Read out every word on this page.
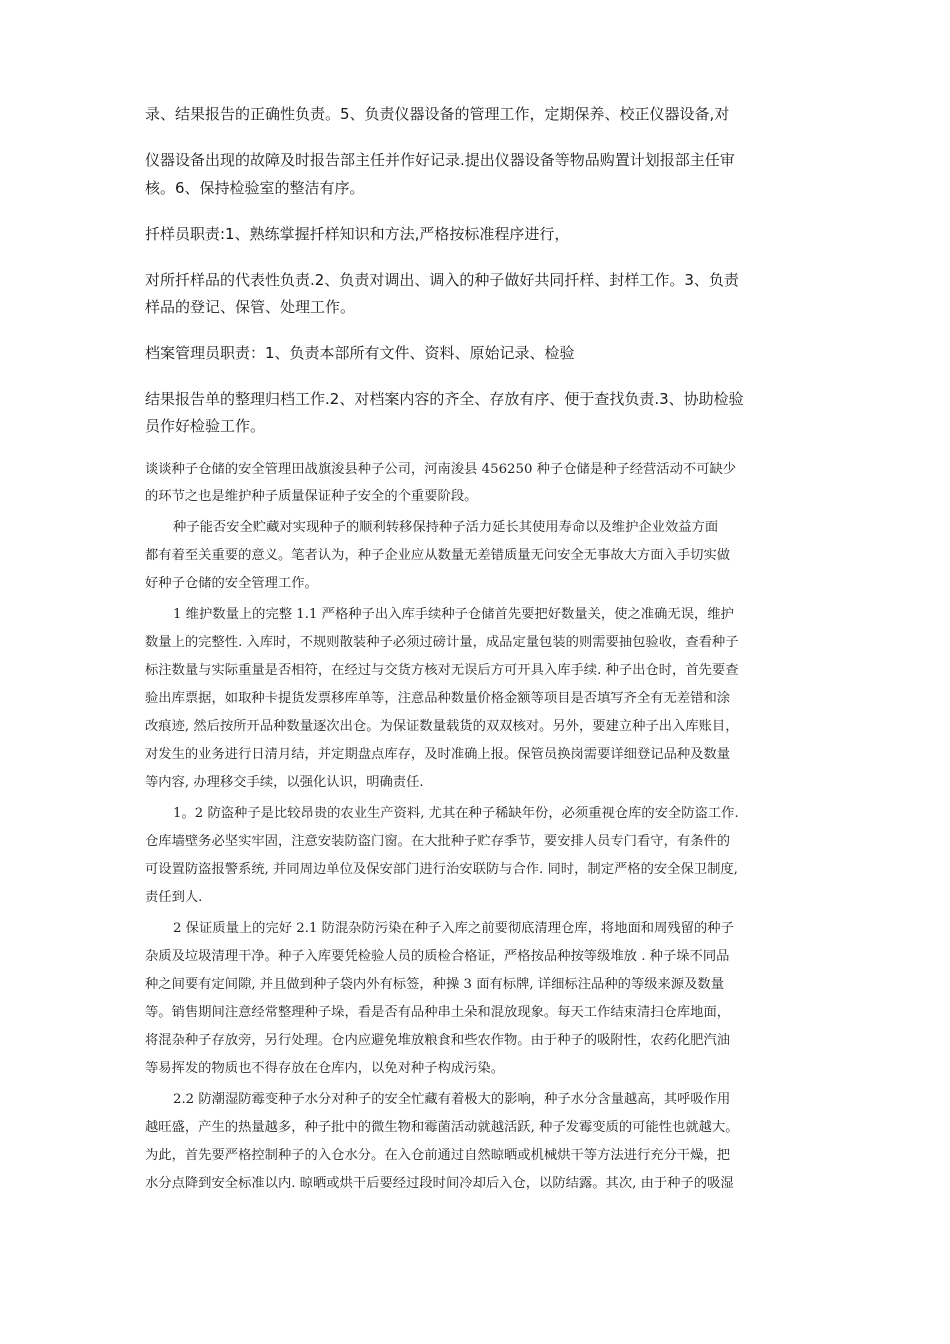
录、结果报告的正确性负责。5、负责仪器设备的管理工作，定期保养、校正仪器设备,对
仪器设备出现的故障及时报告部主任并作好记录.提出仪器设备等物品购置计划报部主任审
核。6、保持检验室的整洁有序。
扦样员职责:1、熟练掌握扦样知识和方法,严格按标准程序进行，
对所扦样品的代表性负责.2、负责对调出、调入的种子做好共同扦样、封样工作。3、负责
样品的登记、保管、处理工作。
档案管理员职责：1、负责本部所有文件、资料、原始记录、检验
结果报告单的整理归档工作.2、对档案内容的齐全、存放有序、便于查找负责.3、协助检验
员作好检验工作。
谈谈种子仓储的安全管理田战旗浚县种子公司，河南浚县 456250 种子仓储是种子经营活动不可缺少
的环节之也是维护种子质量保证种子安全的个重要阶段。
种子能否安全贮藏对实现种子的顺利转移保持种子活力延长其使用寿命以及维护企业效益方面
都有着至关重要的意义。笔者认为，种子企业应从数量无差错质量无问安全无事故大方面入手切实做
好种子仓储的安全管理工作。
1 维护数量上的完整 1.1 严格种子出入库手续种子仓储首先要把好数量关，使之准确无误，维护
数量上的完整性. 入库时，不规则散装种子必须过磅计量，成品定量包装的则需要抽包验收，查看种子
标注数量与实际重量是否相符，在经过与交货方核对无误后方可开具入库手续. 种子出仓时，首先要查
验出库票据，如取种卡提货发票移库单等，注意品种数量价格金额等项目是否填写齐全有无差错和涂
改痕迹, 然后按所开品种数量逐次出仓。为保证数量载货的双双核对。另外，要建立种子出入库账目，
对发生的业务进行日清月结，并定期盘点库存，及时准确上报。保管员换岗需要详细登记品种及数量
等内容, 办理移交手续，以强化认识，明确责任.
1。2 防盗种子是比较昂贵的农业生产资料, 尤其在种子稀缺年份，必须重视仓库的安全防盗工作.
仓库墙壁务必坚实牢固，注意安装防盗门窗。在大批种子贮存季节，要安排人员专门看守，有条件的
可设置防盗报警系统, 并同周边单位及保安部门进行治安联防与合作. 同时，制定严格的安全保卫制度,
责任到人.
2 保证质量上的完好 2.1 防混杂防污染在种子入库之前要彻底清理仓库，将地面和周残留的种子
杂质及垃圾清理干净。种子入库要凭检验人员的质检合格证，严格按品种按等级堆放 . 种子垛不同品
种之间要有定间隙, 并且做到种子袋内外有标签，种操 3 面有标牌, 详细标注品种的等级来源及数量
等。销售期间注意经常整理种子垛，看是否有品种串土朵和混放现象。每天工作结束清扫仓库地面，
将混杂种子存放旁，另行处理。仓内应避免堆放粮食和些农作物。由于种子的吸附性，农药化肥汽油
等易挥发的物质也不得存放在仓库内，以免对种子构成污染。
2.2 防潮湿防霉变种子水分对种子的安全忙藏有着极大的影响，种子水分含量越高，其呼吸作用
越旺盛，产生的热量越多，种子批中的微生物和霉菌活动就越活跃, 种子发霉变质的可能性也就越大。
为此，首先要严格控制种子的入仓水分。在入仓前通过自然晾晒或机械烘干等方法进行充分干燥，把
水分点降到安全标准以内. 晾晒或烘干后要经过段时间冷却后入仓，以防结露。其次, 由于种子的吸湿
